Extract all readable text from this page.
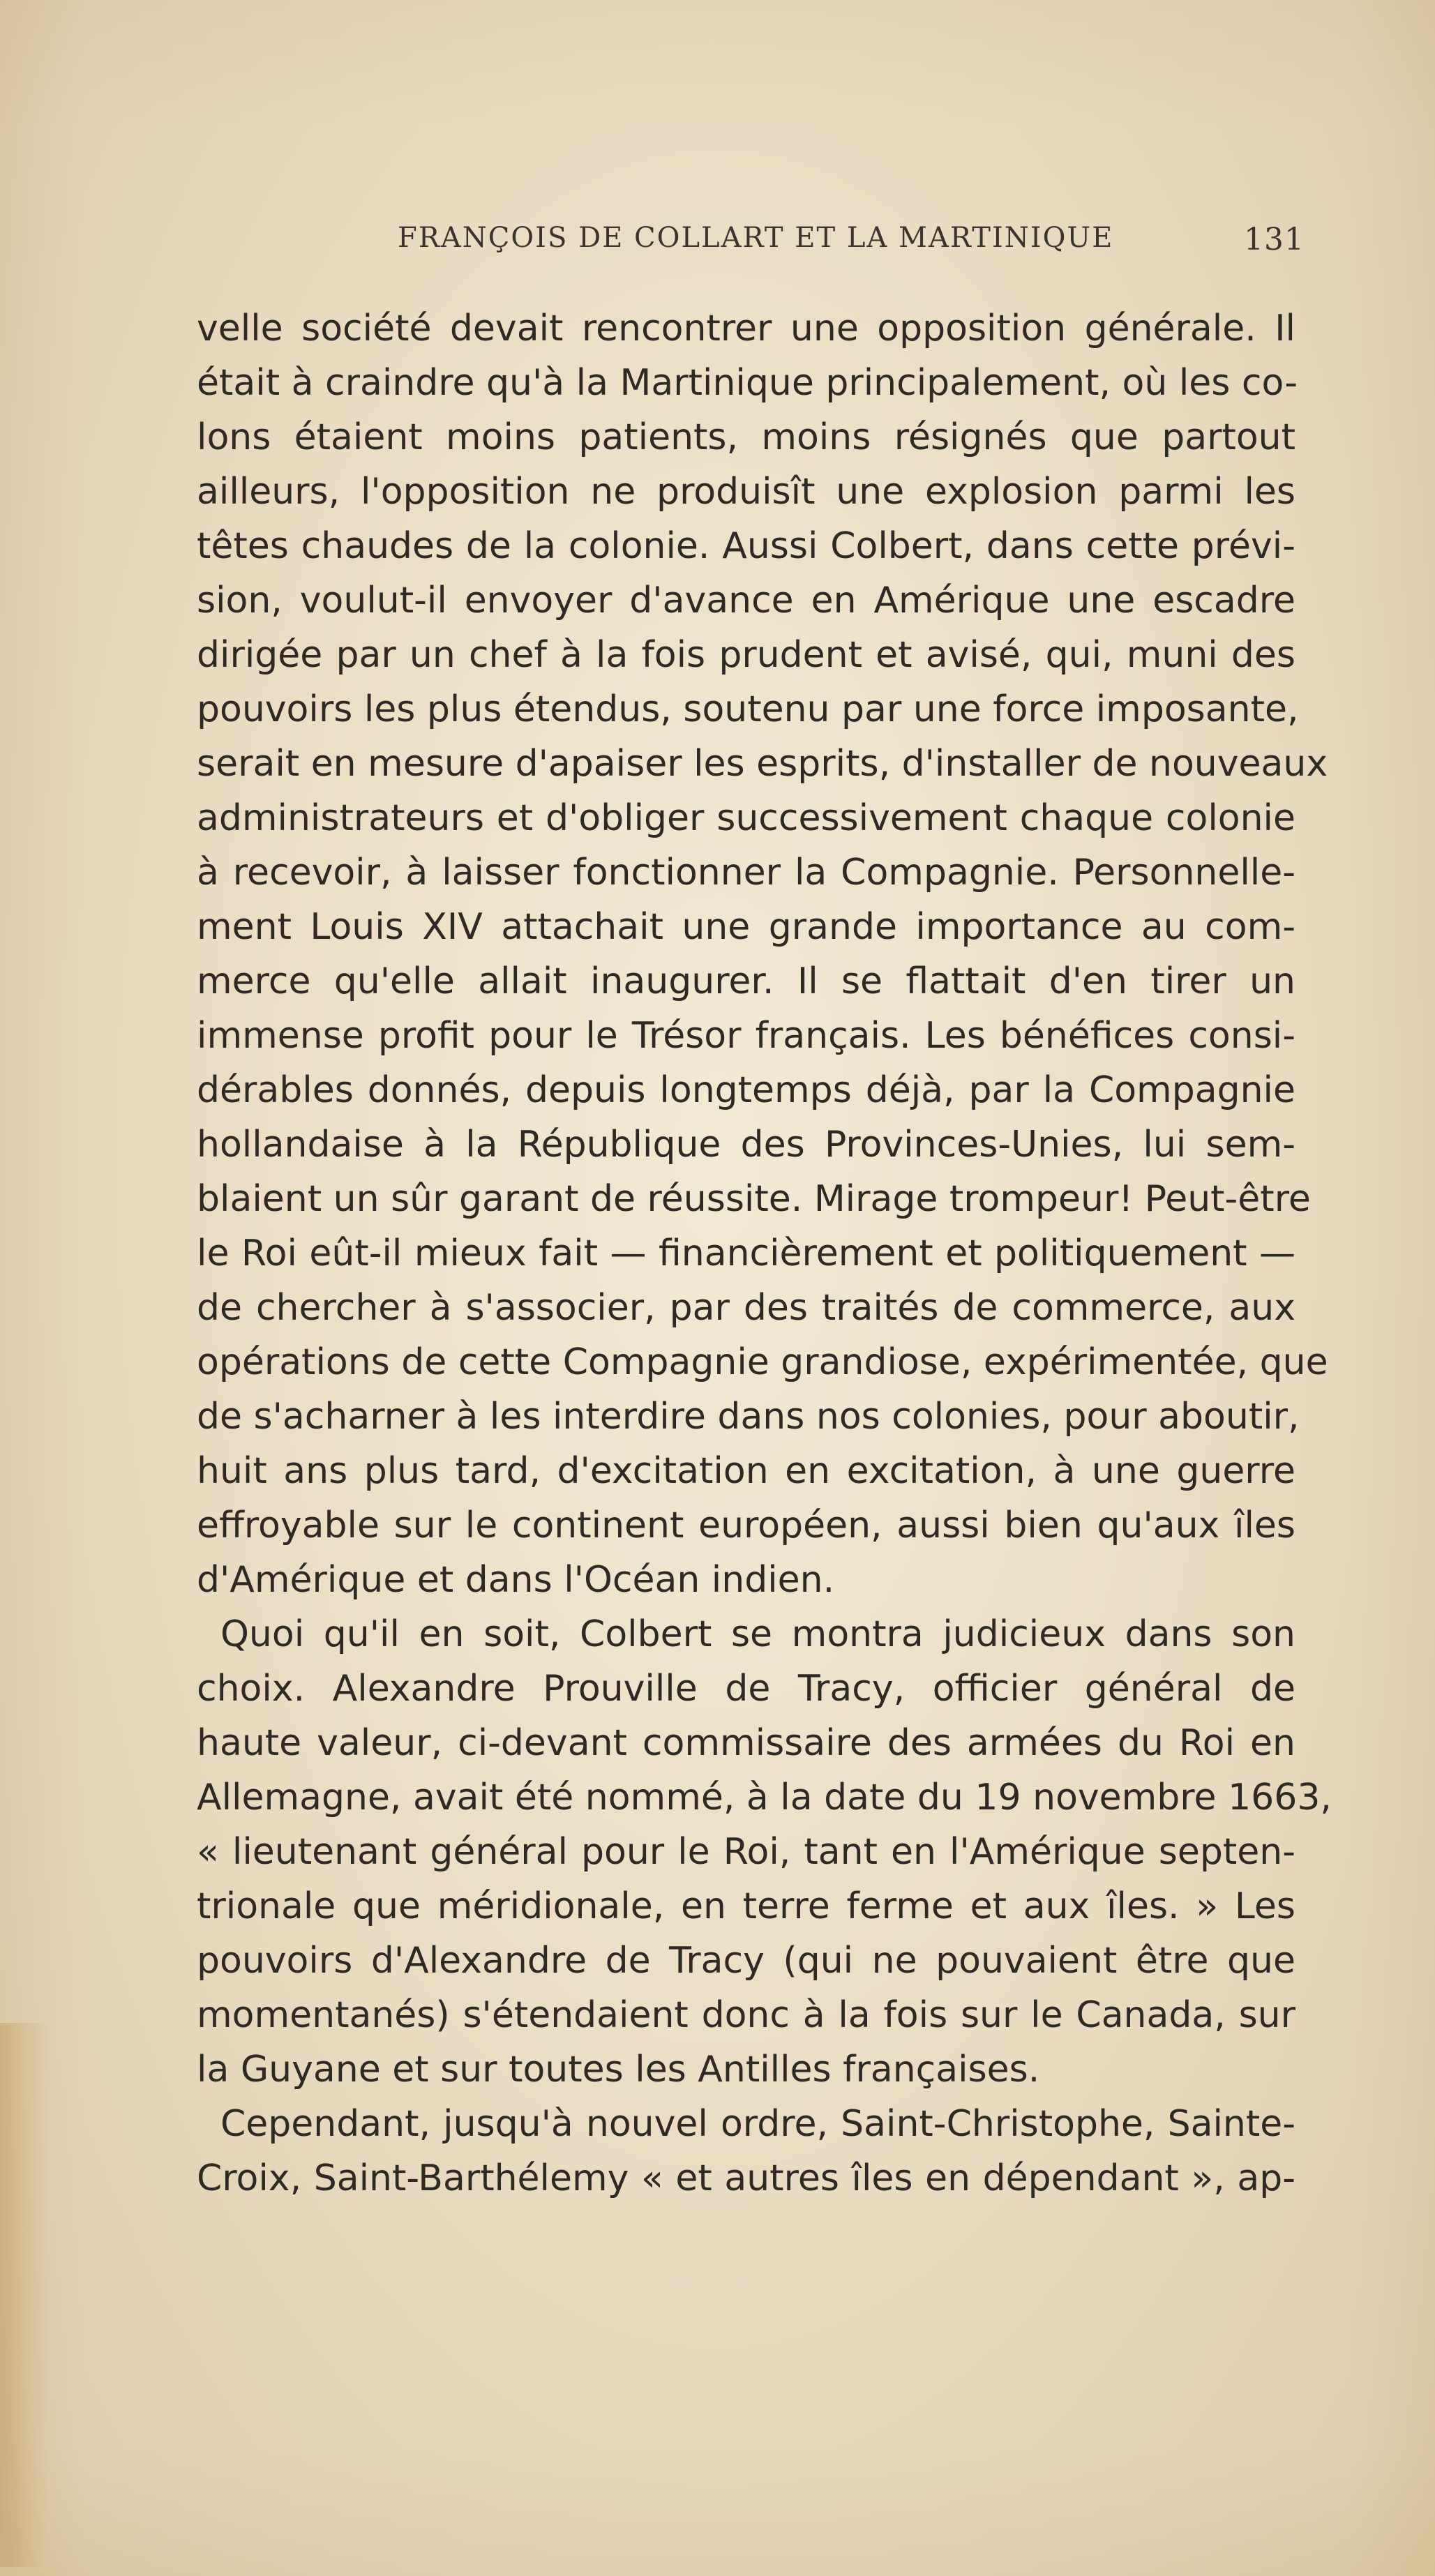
FRANÇOIS DE COLLART ET LA MARTINIQUE	131
velle société devait rencontrer une opposition générale. Il
était à craindre qu'à la Martinique principalement, où les co-
lons étaient moins patients, moins résignés que partout
ailleurs, l'opposition ne produisît une explosion parmi les
têtes chaudes de la colonie. Aussi Colbert, dans cette prévi-
sion, voulut-il envoyer d'avance en Amérique une escadre
dirigée par un chef à la fois prudent et avisé, qui, muni des
pouvoirs les plus étendus, soutenu par une force imposante,
serait en mesure d'apaiser les esprits, d'installer de nouveaux
administrateurs et d'obliger successivement chaque colonie
à recevoir, à laisser fonctionner la Compagnie. Personnelle-
ment Louis XIV attachait une grande importance au com-
merce qu'elle allait inaugurer. Il se flattait d'en tirer un
immense profit pour le Trésor français. Les bénéfices consi-
dérables donnés, depuis longtemps déjà, par la Compagnie
hollandaise à la République des Provinces-Unies, lui sem-
blaient un sûr garant de réussite. Mirage trompeur! Peut-être
le Roi eût-il mieux fait — financièrement et politiquement —
de chercher à s'associer, par des traités de commerce, aux
opérations de cette Compagnie grandiose, expérimentée, que
de s'acharner à les interdire dans nos colonies, pour aboutir,
huit ans plus tard, d'excitation en excitation, à une guerre
effroyable sur le continent européen, aussi bien qu'aux îles
d'Amérique et dans l'Océan indien.
Quoi qu'il en soit, Colbert se montra judicieux dans son
choix. Alexandre Prouville de Tracy, officier général de
haute valeur, ci-devant commissaire des armées du Roi en
Allemagne, avait été nommé, à la date du 19 novembre 1663,
« lieutenant général pour le Roi, tant en l'Amérique septen-
trionale que méridionale, en terre ferme et aux îles. » Les
pouvoirs d'Alexandre de Tracy (qui ne pouvaient être que
momentanés) s'étendaient donc à la fois sur le Canada, sur
la Guyane et sur toutes les Antilles françaises.
Cependant, jusqu'à nouvel ordre, Saint-Christophe, Sainte-
Croix, Saint-Barthélemy « et autres îles en dépendant », ap-
